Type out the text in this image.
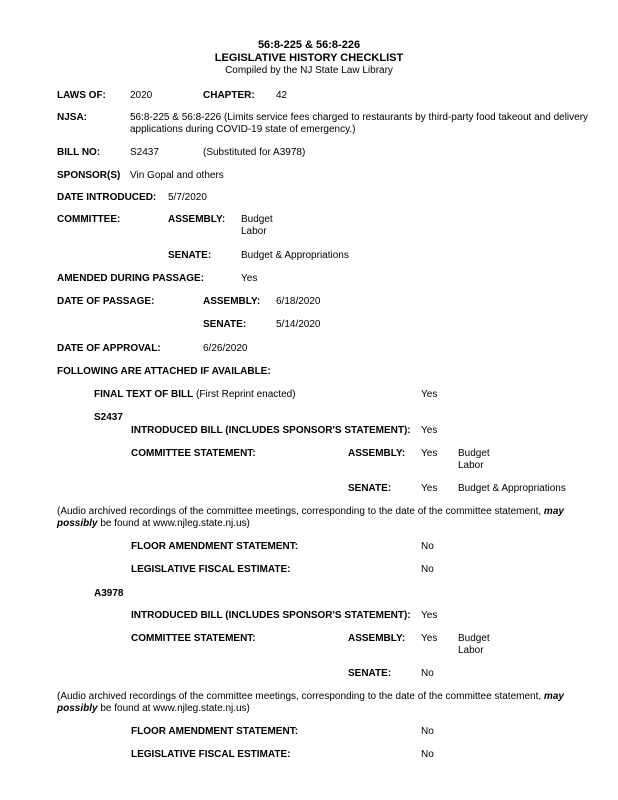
56:8-225 & 56:8-226
LEGISLATIVE HISTORY CHECKLIST
Compiled by the NJ State Law Library
LAWS OF: 2020	CHAPTER: 42
NJSA:	56:8-225 & 56:8-226 (Limits service fees charged to restaurants by third-party food takeout and delivery applications during COVID-19 state of emergency.)
BILL NO:	S2437	(Substituted for A3978)
SPONSOR(S) Vin Gopal and others
DATE INTRODUCED: 5/7/2020
COMMITTEE:	ASSEMBLY: Budget
Labor
SENATE:	Budget & Appropriations
AMENDED DURING PASSAGE:	Yes
DATE OF PASSAGE:	ASSEMBLY: 6/18/2020
SENATE:	5/14/2020
DATE OF APPROVAL:	6/26/2020
FOLLOWING ARE ATTACHED IF AVAILABLE:
FINAL TEXT OF BILL (First Reprint enacted)	Yes
S2437
INTRODUCED BILL (INCLUDES SPONSOR'S STATEMENT): Yes
COMMITTEE STATEMENT:	ASSEMBLY: Yes Budget
Labor
SENATE:	Yes Budget & Appropriations
(Audio archived recordings of the committee meetings, corresponding to the date of the committee statement, may possibly be found at www.njleg.state.nj.us)
FLOOR AMENDMENT STATEMENT:	No
LEGISLATIVE FISCAL ESTIMATE:	No
A3978
INTRODUCED BILL (INCLUDES SPONSOR'S STATEMENT): Yes
COMMITTEE STATEMENT:	ASSEMBLY: Yes Budget
Labor
SENATE:	No
(Audio archived recordings of the committee meetings, corresponding to the date of the committee statement, may possibly be found at www.njleg.state.nj.us)
FLOOR AMENDMENT STATEMENT:	No
LEGISLATIVE FISCAL ESTIMATE:	No
